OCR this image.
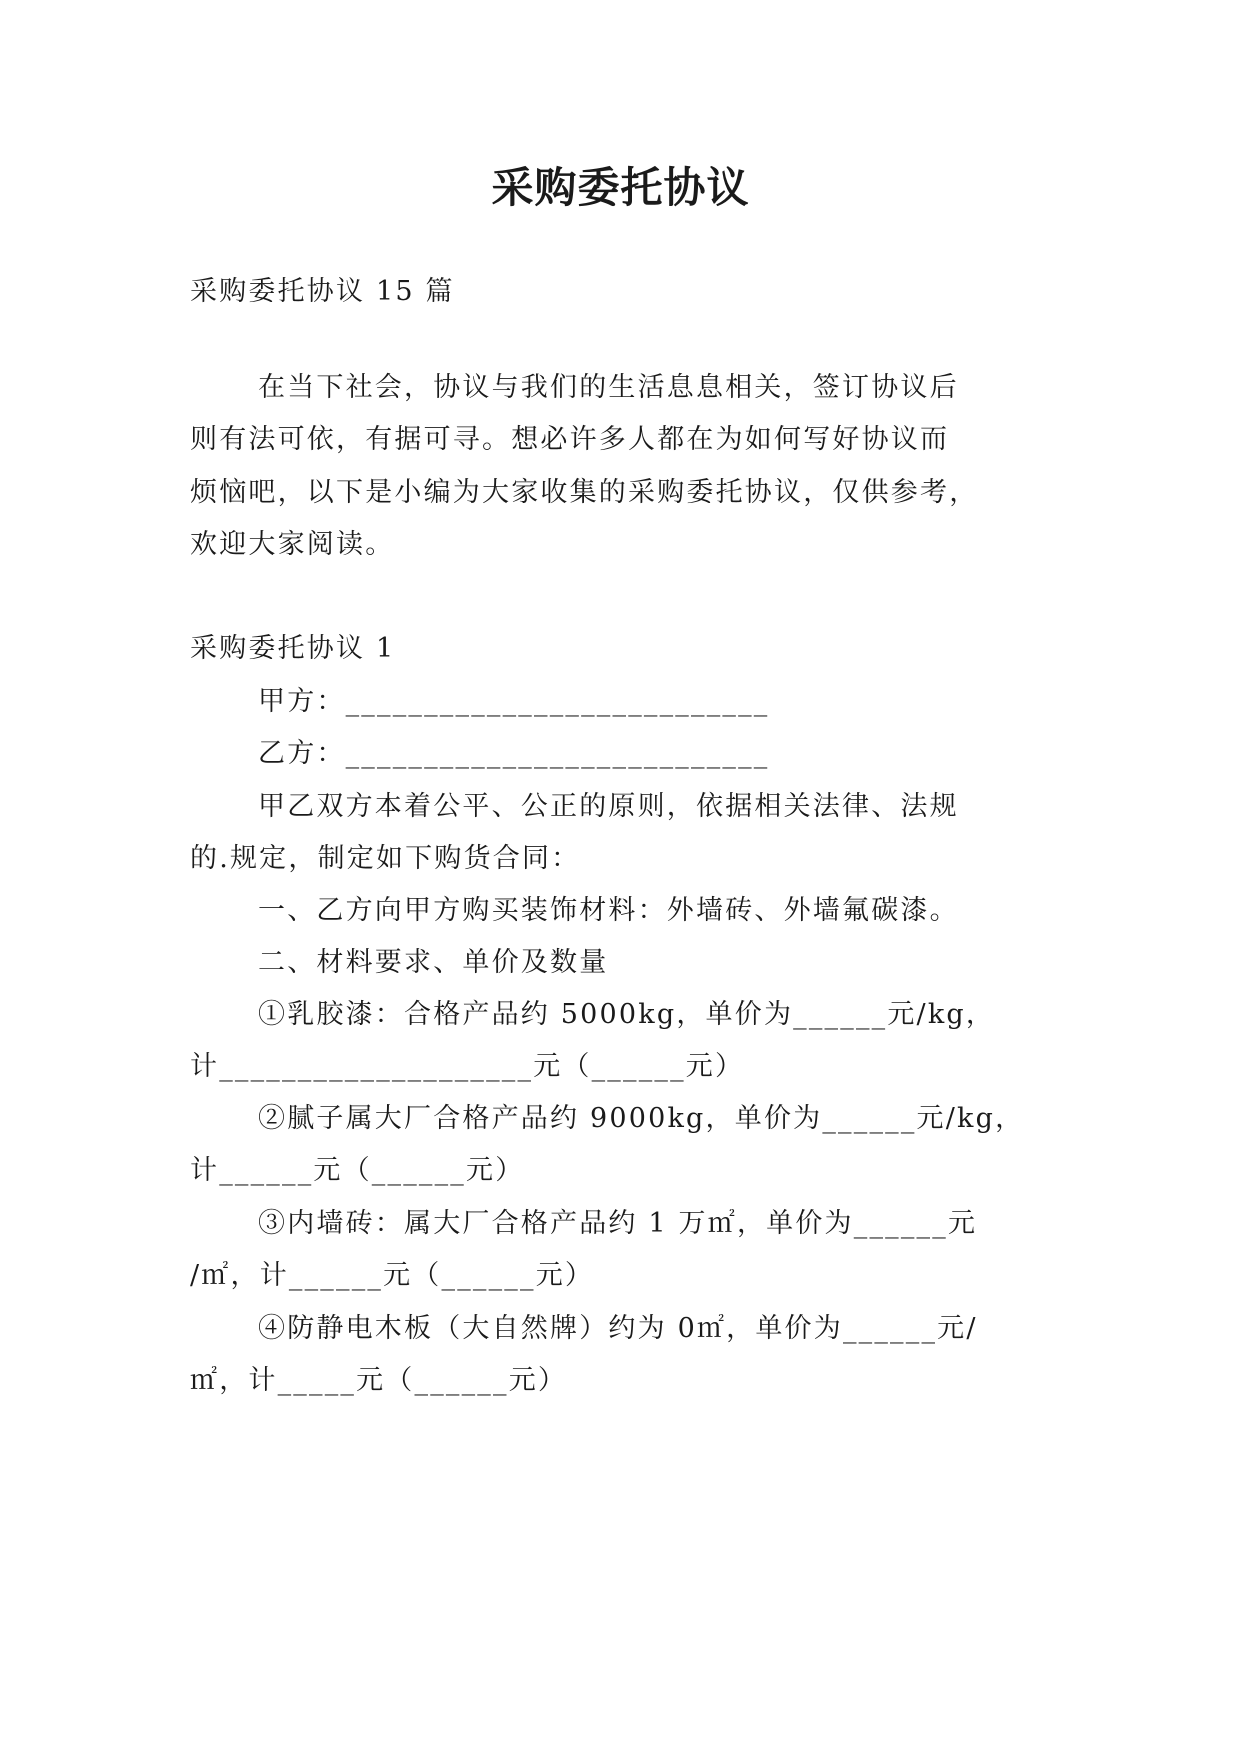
采购委托协议
采购委托协议 15 篇
在当下社会，协议与我们的生活息息相关，签订协议后
则有法可依，有据可寻。想必许多人都在为如何写好协议而
烦恼吧，以下是小编为大家收集的采购委托协议，仅供参考，
欢迎大家阅读。
采购委托协议 1
甲方：___________________________
乙方：___________________________
甲乙双方本着公平、公正的原则，依据相关法律、法规
的.规定，制定如下购货合同：
一、乙方向甲方购买装饰材料：外墙砖、外墙氟碳漆。
二、材料要求、单价及数量
①乳胶漆：合格产品约 5000kg，单价为______元/kg，
计____________________元（______元）
②腻子属大厂合格产品约 9000kg，单价为______元/kg，
计______元（______元）
③内墙砖：属大厂合格产品约 1 万㎡，单价为______元
/㎡，计______元（______元）
④防静电木板（大自然牌）约为 0㎡，单价为______元/
㎡，计_____元（______元）
